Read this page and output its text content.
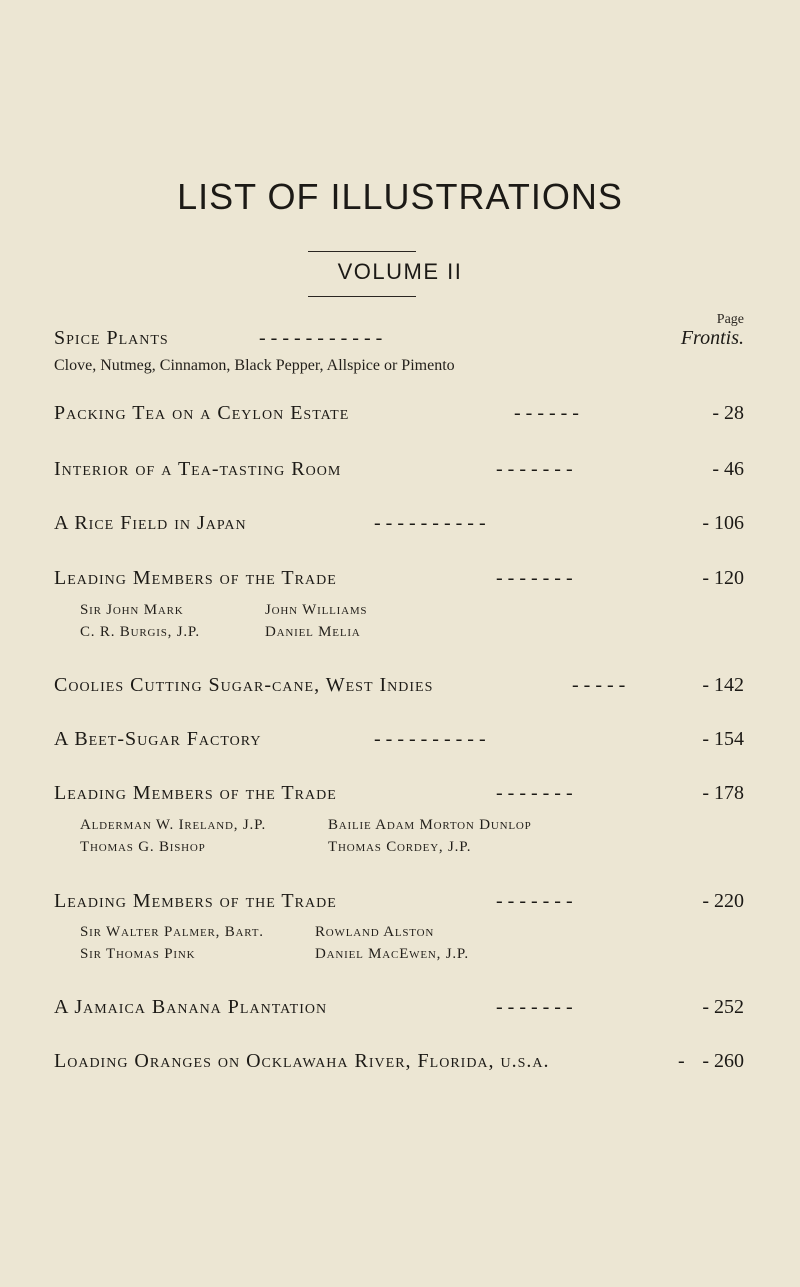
LIST OF ILLUSTRATIONS
VOLUME II
Page
Spice Plants	- - - - - - - - - - -	Frontis.
Clove, Nutmeg, Cinnamon, Black Pepper, Allspice or Pimento
Packing Tea on a Ceylon Estate	- - - - - -	- 28
Interior of a Tea-tasting Room	- - - - - - -	- 46
A Rice Field in Japan	- - - - - - - - - -	- 106
Leading Members of the Trade	- - - - - - -	- 120
Sir John Mark	John Williams
C. R. Burgis, J.P.	Daniel Melia
Coolies Cutting Sugar-cane, West Indies	- - - - -	- 142
A Beet-Sugar Factory	- - - - - - - - - -	- 154
Leading Members of the Trade	- - - - - - -	- 178
Alderman W. Ireland, J.P.	Bailie Adam Morton Dunlop
Thomas G. Bishop	Thomas Cordey, J.P.
Leading Members of the Trade	- - - - - - -	- 220
Sir Walter Palmer, Bart.	Rowland Alston
Sir Thomas Pink	Daniel MacEwen, J.P.
A Jamaica Banana Plantation	- - - - - - -	- 252
Loading Oranges on Ocklawaha River, Florida, u.s.a.	- - 260
